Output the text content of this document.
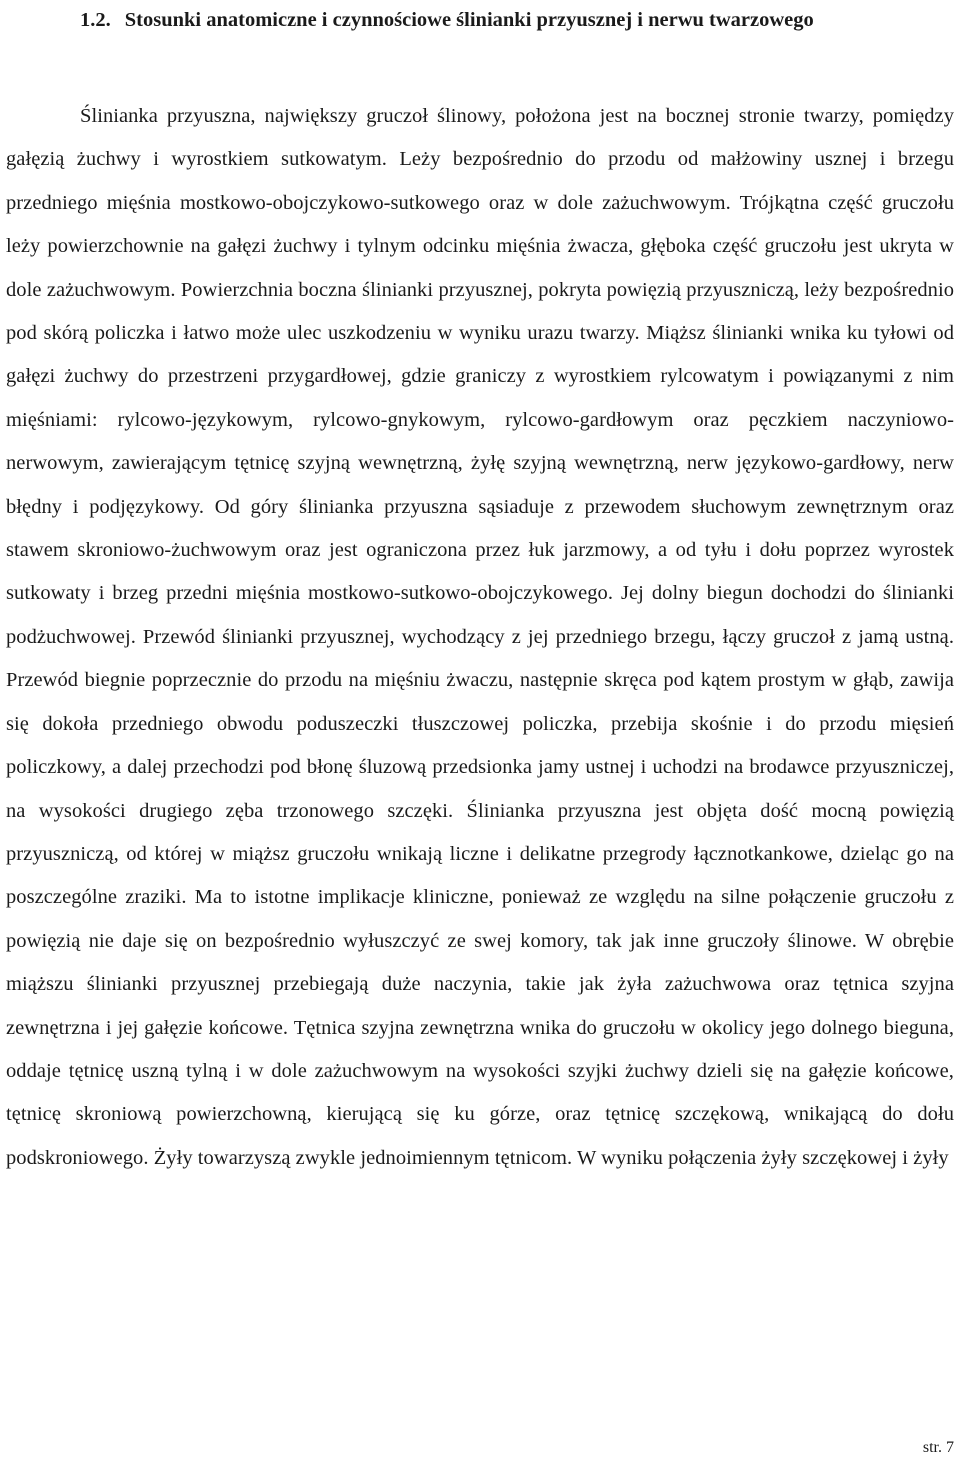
1.2. Stosunki anatomiczne i czynnościowe ślinianki przyusznej i nerwu twarzowego

Ślinianka przyuszna, największy gruczoł ślinowy, położona jest na bocznej stronie twarzy, pomiędzy gałęzią żuchwy i wyrostkiem sutkowatym. Leży bezpośrednio do przodu od małżowiny usznej i brzegu przedniego mięśnia mostkowo-obojczykowo-sutkowego oraz w dole zażuchwowym. Trójkątna część gruczołu leży powierzchownie na gałęzi żuchwy i tylnym odcinku mięśnia żwacza, głęboka część gruczołu jest ukryta w dole zażuchwowym. Powierzchnia boczna ślinianki przyusznej, pokryta powięzią przyuszniczą, leży bezpośrednio pod skórą policzka i łatwo może ulec uszkodzeniu w wyniku urazu twarzy. Miąższ ślinianki wnika ku tyłowi od gałęzi żuchwy do przestrzeni przygardłowej, gdzie graniczy z wyrostkiem rylcowatym i powiązanymi z nim mięśniami: rylcowo-językowym, rylcowo-gnykowym, rylcowo-gardłowym oraz pęczkiem naczyniowo-nerwowym, zawierającym tętnicę szyjną wewnętrzną, żyłę szyjną wewnętrzną, nerw językowo-gardłowy, nerw błędny i podjęzykowy. Od góry ślinianka przyuszna sąsiaduje z przewodem słuchowym zewnętrznym oraz stawem skroniowo-żuchwowym oraz jest ograniczona przez łuk jarzmowy, a od tyłu i dołu poprzez wyrostek sutkowaty i brzeg przedni mięśnia mostkowo-sutkowo-obojczykowego. Jej dolny biegun dochodzi do ślinianki podżuchwowej. Przewód ślinianki przyusznej, wychodzący z jej przedniego brzegu, łączy gruczoł z jamą ustną. Przewód biegnie poprzecznie do przodu na mięśniu żwaczu, następnie skręca pod kątem prostym w głąb, zawija się dokoła przedniego obwodu poduszeczki tłuszczowej policzka, przebija skośnie i do przodu mięsień policzkowy, a dalej przechodzi pod błonę śluzową przedsionka jamy ustnej i uchodzi na brodawce przyuszniczej, na wysokości drugiego zęba trzonowego szczęki. Ślinianka przyuszna jest objęta dość mocną powięzią przyuszniczą, od której w miąższ gruczołu wnikają liczne i delikatne przegrody łącznotkankowe, dzieląc go na poszczególne zraziki. Ma to istotne implikacje kliniczne, ponieważ ze względu na silne połączenie gruczołu z powięzią nie daje się on bezpośrednio wyłuszczyć ze swej komory, tak jak inne gruczoły ślinowe. W obrębie miąższu ślinianki przyusznej przebiegają duże naczynia, takie jak żyła zażuchwowa oraz tętnica szyjna zewnętrzna i jej gałęzie końcowe. Tętnica szyjna zewnętrzna wnika do gruczołu w okolicy jego dolnego bieguna, oddaje tętnicę uszną tylną i w dole zażuchwowym na wysokości szyjki żuchwy dzieli się na gałęzie końcowe, tętnicę skroniową powierzchowną, kierującą się ku górze, oraz tętnicę szczękową, wnikającą do dołu podskroniowego. Żyły towarzyszą zwykle jednoimiennym tętnicom. W wyniku połączenia żyły szczękowej i żyły

str. 7
